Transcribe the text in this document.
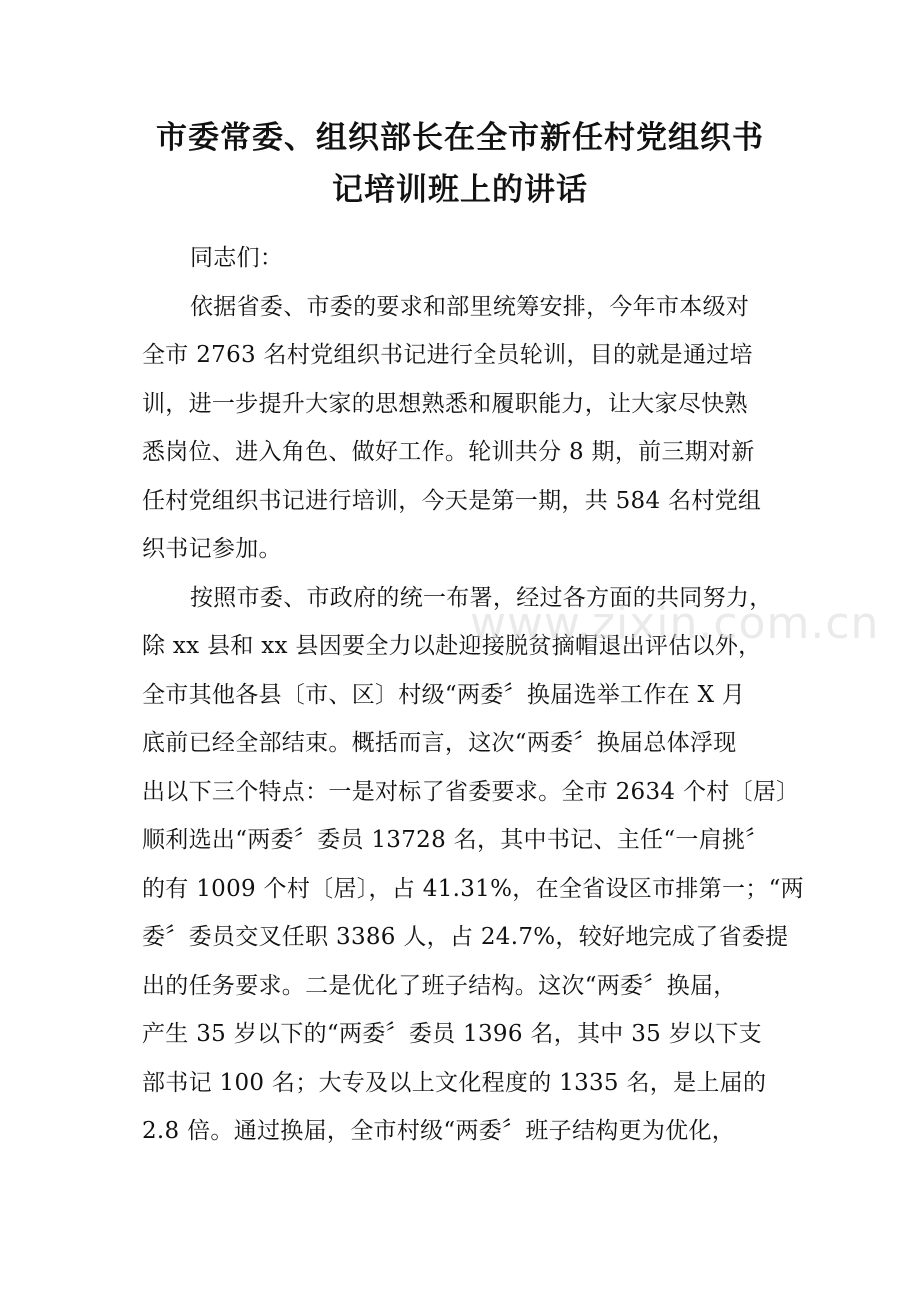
市委常委、组织部长在全市新任村党组织书
记培训班上的讲话
同志们：
依据省委、市委的要求和部里统筹安排，今年市本级对
全市 2763 名村党组织书记进行全员轮训，目的就是通过培
训，进一步提升大家的思想熟悉和履职能力，让大家尽快熟
悉岗位、进入角色、做好工作。轮训共分 8 期，前三期对新
任村党组织书记进行培训，今天是第一期，共 584 名村党组
织书记参加。
按照市委、市政府的统一布署，经过各方面的共同努力，
除 xx 县和 xx 县因要全力以赴迎接脱贫摘帽退出评估以外，
全市其他各县〔市、区〕村级“两委〞换届选举工作在 X 月
底前已经全部结束。概括而言，这次“两委〞换届总体浮现
出以下三个特点：一是对标了省委要求。全市 2634 个村〔居〕
顺利选出“两委〞委员 13728 名，其中书记、主任“一肩挑〞
的有 1009 个村〔居〕，占 41.31%，在全省设区市排第一；“两
委〞委员交叉任职 3386 人，占 24.7%，较好地完成了省委提
出的任务要求。二是优化了班子结构。这次“两委〞换届，
产生 35 岁以下的“两委〞委员 1396 名，其中 35 岁以下支
部书记 100 名；大专及以上文化程度的 1335 名，是上届的
2.8 倍。通过换届，全市村级“两委〞班子结构更为优化，
www.zixin.com.cn
